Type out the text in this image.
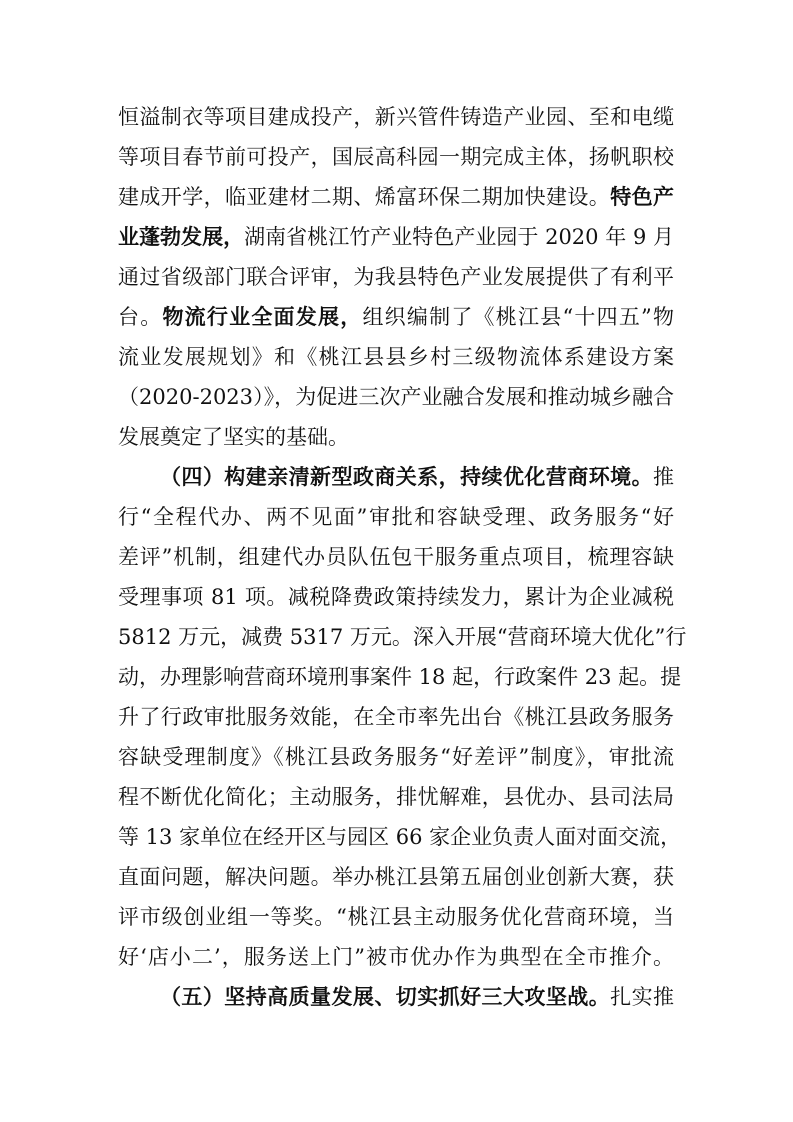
恒溢制衣等项目建成投产，新兴管件铸造产业园、至和电缆
等项目春节前可投产，国辰高科园一期完成主体，扬帆职校
建成开学，临亚建材二期、烯富环保二期加快建设。特色产
业蓬勃发展，湖南省桃江竹产业特色产业园于 2020 年 9 月
通过省级部门联合评审，为我县特色产业发展提供了有利平
台。物流行业全面发展，组织编制了《桃江县“十四五”物
流业发展规划》和《桃江县县乡村三级物流体系建设方案
（2020-2023）》，为促进三次产业融合发展和推动城乡融合
发展奠定了坚实的基础。
（四）构建亲清新型政商关系，持续优化营商环境。推
行“全程代办、两不见面”审批和容缺受理、政务服务“好
差评”机制，组建代办员队伍包干服务重点项目，梳理容缺
受理事项 81 项。减税降费政策持续发力，累计为企业减税
5812 万元，减费 5317 万元。深入开展“营商环境大优化”行
动，办理影响营商环境刑事案件 18 起，行政案件 23 起。提
升了行政审批服务效能，在全市率先出台《桃江县政务服务
容缺受理制度》《桃江县政务服务“好差评”制度》，审批流
程不断优化简化；主动服务，排忧解难，县优办、县司法局
等 13 家单位在经开区与园区 66 家企业负责人面对面交流，
直面问题，解决问题。举办桃江县第五届创业创新大赛，获
评市级创业组一等奖。“桃江县主动服务优化营商环境，当
好‘店小二’，服务送上门”被市优办作为典型在全市推介。
（五）坚持高质量发展、切实抓好三大攻坚战。扎实推
